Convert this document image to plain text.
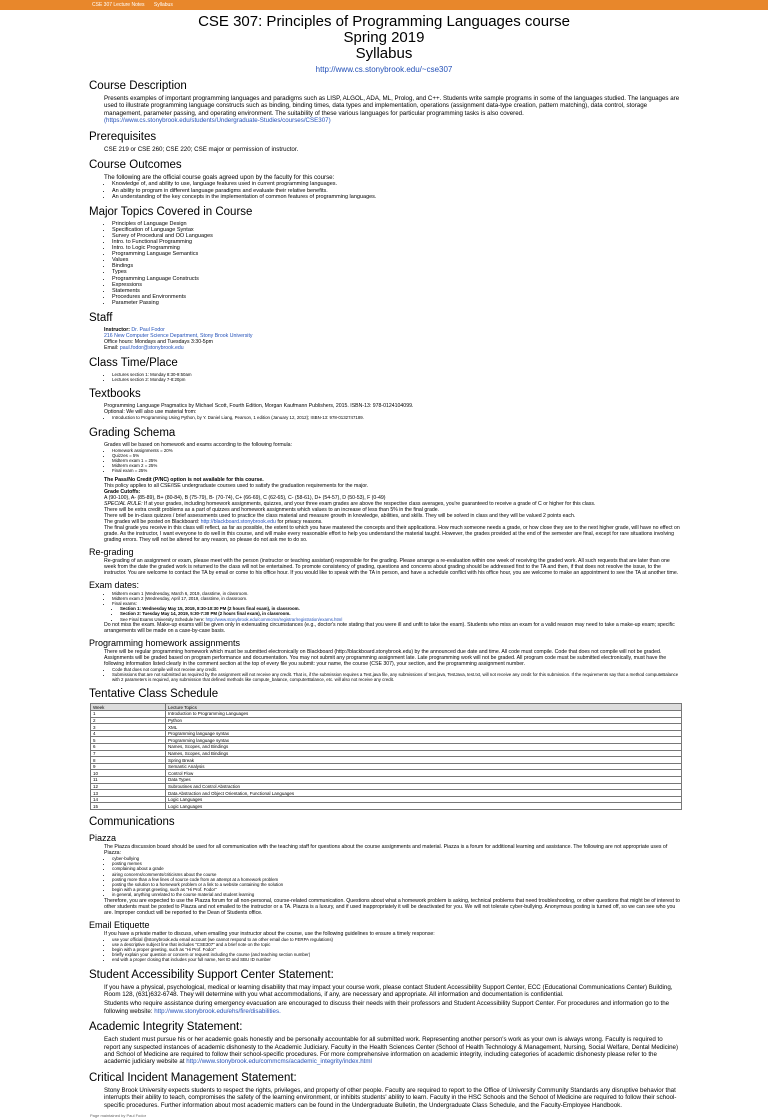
CSE 307 Lecture Notes Syllabus
CSE 307: Principles of Programming Languages course
Spring 2019
Syllabus
http://www.cs.stonybrook.edu/~cse307
Course Description
Presents examples of important programming languages and paradigms such as LISP, ALGOL, ADA, ML, Prolog, and C++. Students write sample programs in some of the languages studied. The languages are used to illustrate programming language constructs such as binding, binding times, data types and implementation, operations (assignment data-type creation, pattern matching), data control, storage management, parameter passing, and operating environment. The suitability of these various languages for particular programming tasks is also covered. (https://www.cs.stonybrook.edu/students/Undergraduate-Studies/courses/CSE307)
Prerequisites
CSE 219 or CSE 260; CSE 220; CSE major or permission of instructor.
Course Outcomes
The following are the official course goals agreed upon by the faculty for this course:
• Knowledge of, and ability to use, language features used in current programming languages.
• An ability to program in different language paradigms and evaluate their relative benefits.
• An understanding of the key concepts in the implementation of common features of programming languages.
Major Topics Covered in Course
• Principles of Language Design
• Specification of Language Syntax
• Survey of Procedural and OO Languages
• Intro. to Functional Programming
• Intro. to Logic Programming
• Programming Language Semantics
• Values
• Bindings
• Types
• Programming Language Constructs
• Expressions
• Statements
• Procedures and Environments
• Parameter Passing
Staff
Instructor: Dr. Paul Fodor
216 New Computer Science Department, Stony Brook University
Office hours: Mondays and Tuesdays 3:30-5pm
Email: paul.fodor@stonybrook.edu
Class Time/Place
• Lectures section 1: Monday 8:30-9:50am
• Lectures section 2: Monday 7-8:20pm
Textbooks
Programming Language Pragmatics by Michael Scott, Fourth Edition, Morgan Kaufmann Publishers, 2015. ISBN-13: 978-0124104099.
Optional: We will also use material from:
• Introduction to Programming Using Python, by Y. Daniel Liang, Pearson, 1 edition (January 12, 2012); ISBN-13: 978-0132747189.
Grading Schema
Grades will be based on homework and exams according to the following formula:
• Homework assignments = 20%
• Quizzes = 5%
• Midterm exam 1 = 25%
• Midterm exam 2 = 25%
• Final exam = 25%
The Pass/No Credit (P/NC) option is not available for this course.
This policy applies to all CSE/ISE undergraduate courses used to satisfy the graduation requirements for the major.
Grade Cutoffs:
A (90-100), A- (85-89), B+ (80-84), B (75-79), B- (70-74), C+ (66-69), C (62-65), C- (58-61), D+ (54-57), D (50-53), F (0-49)
SPECIAL RULE: If at your grades, including homework assignments, quizzes, and your three exam grades are above the respective class averages, you're guaranteed to receive a grade of C or higher for this class.
There will be extra credit problems as a part of quizzes and homework assignments which values to an increase of less than 5% in the final grade.
There will be in-class quizzes / brief assessments used to practice the class material and measure growth in knowledge, abilities, and skills. They will be solved in class and they will be valued 2 points each.
The grades will be posted on Blackboard: http://blackboard.stonybrook.edu for privacy reasons.
The final grade you receive in this class will reflect, as far as possible, the extent to which you have mastered the concepts and their applications. How much someone needs a grade, or how close they are to the next higher grade, will have no effect on grade. As the instructor, I want everyone to do well in this course, and will make every reasonable effort to help you understand the material taught. However, the grades provided at the end of the semester are final, except for rare situations involving grading errors. They will not be altered for any reason, so please do not ask me to do so.
Re-grading
Re-grading of an assignment or exam, please meet with the person (instructor or teaching assistant) responsible for the grading. Please arrange a re-evaluation within one week of receiving the graded work. All such requests that are later than one week from the date the graded work is returned to the class will not be entertained. To promote consistency of grading, questions and concerns about grading should be addressed first to the TA and then, if that does not resolve the issue, to the instructor. You are welcome to contact the TA by email or come to his office hour. If you would like to speak with the TA in person, and have a schedule conflict with his office hour, you are welcome to make an appointment to see the TA at another time.
Exam dates:
• Midterm exam 1 (Wednesday, March 6, 2019, classtime, in classroom.
• Midterm exam 2 (Wednesday, April 17, 2019, classtime, in classroom.
• Final exams:
• Section 1: Wednesday May 15, 2019, 8:30-10:30 PM (2 hours final exam), in classroom.
• Section 2: Tuesday May 14, 2019, 5:30-7:30 PM (2 hours final exam), in classroom.
• See Final Exams University Schedule here: http://www.stonybrook.edu/commcms/registrar/registration/exams.html
Do not miss the exam. Make-up exams will be given only in extenuating circumstances (e.g., doctor's note stating that you were ill and unfit to take the exam). Students who miss an exam for a valid reason may need to take a make-up exam; specific arrangements will be made on a case-by-case basis.
Programming homework assignments
There will be regular programming homework which must be submitted electronically on Blackboard (http://blackboard.stonybrook.edu) by the announced due date and time. All code must compile. Code that does not compile will not be graded. Assignments will be graded based on program performance and documentation. You may not submit any programming assignment late. Late programming work will not be graded. All program code must be submitted electronically, must have the following information listed clearly in the comment section at the top of every file you submit: your name, the course (CSE 307), your section, and the programming assignment number.
• Code that does not compile will not receive any credit.
• Submissions that are not submitted as required by the assignment will not receive any credit. That is, if the submission requires a Test.java file, any submissions of test.java, TestJava, test.txt, will not receive any credit for this submission. If the requirements say that a method computeBalance with 2 parameters is required, any submission that defined methods like compute_balance, computerBalance, etc. will also not receive any credit.
Tentative Class Schedule
Week	Lecture Topics
1	Introduction to Programming Languages
2	Python
3	XML
4	Programming language syntax
5	Programming language syntax
6	Names, Scopes, and Bindings
7	Names, Scopes, and Bindings
8	Spring Break
9	Semantic Analysis
10	Control Flow
11	Data Types
12	Subroutines and Control Abstraction
13	Data Abstraction and Object Orientation, Functional Languages
14	Logic Languages
15	Logic Languages
Communications
Piazza
The Piazza discussion board should be used for all communication with the teaching staff for questions about the course assignments and material. Piazza is a forum for additional learning and assistance. The following are not appropriate uses of Piazza:
• cyber-bullying
• posting memes
• complaining about a grade
• airing concerns/comments/criticisms about the course
• posting more than a few lines of source code from an attempt at a homework problem
• posting the solution to a homework problem or a link to a website containing the solution
• begin with a prompt greeting, such as "Hi Prof. Fodor"
• in general, anything unrelated to the course material and student learning
Therefore, you are expected to use the Piazza forum for all non-personal, course-related communication. Questions about what a homework problem is asking, technical problems that need troubleshooting, or other questions that might be of interest to other students must be posted to Piazza and not emailed to the instructor or a TA. Piazza is a luxury, and if used inappropriately it will be deactivated for you. We will not tolerate cyber-bullying. Anonymous posting is turned off, so we can see who you are. Improper conduct will be reported to the Dean of Students office.
Email Etiquette
If you have a private matter to discuss, when emailing your instructor about the course, use the following guidelines to ensure a timely response:
• use your official @stonybrook.edu email account (we cannot respond to an other email due to FERPA regulations)
• use a descriptive subject line that includes "CSE307" and a brief note on the topic
• begin with a proper greeting, such as "Hi Prof. Fodor"
• briefly explain your question or concern or request including the course (and teaching section number)
• end with a proper closing that includes your full name, Net ID and SBU ID number
Student Accessibility Support Center Statement:
If you have a physical, psychological, medical or learning disability that may impact your course work, please contact Student Accessibility Support Center, ECC (Educational Communications Center) Building, Room 128, (631)632-6748. They will determine with you what accommodations, if any, are necessary and appropriate. All information and documentation is confidential.
Students who require assistance during emergency evacuation are encouraged to discuss their needs with their professors and Student Accessibility Support Center. For procedures and information go to the following website: http://www.stonybrook.edu/ehs/fire/disabilities.
Academic Integrity Statement:
Each student must pursue his or her academic goals honestly and be personally accountable for all submitted work. Representing another person's work as your own is always wrong. Faculty is required to report any suspected instances of academic dishonesty to the Academic Judiciary. Faculty in the Health Sciences Center (School of Health Technology & Management, Nursing, Social Welfare, Dental Medicine) and School of Medicine are required to follow their school-specific procedures. For more comprehensive information on academic integrity, including categories of academic dishonesty please refer to the academic judiciary website at http://www.stonybrook.edu/commcms/academic_integrity/index.html
Critical Incident Management Statement:
Stony Brook University expects students to respect the rights, privileges, and property of other people. Faculty are required to report to the Office of University Community Standards any disruptive behavior that interrupts their ability to teach, compromises the safety of the learning environment, or inhibits students' ability to learn. Faculty in the HSC Schools and the School of Medicine are required to follow their school-specific procedures. Further information about most academic matters can be found in the Undergraduate Bulletin, the Undergraduate Class Schedule, and the Faculty-Employee Handbook.
Page maintained by Paul Fodor
